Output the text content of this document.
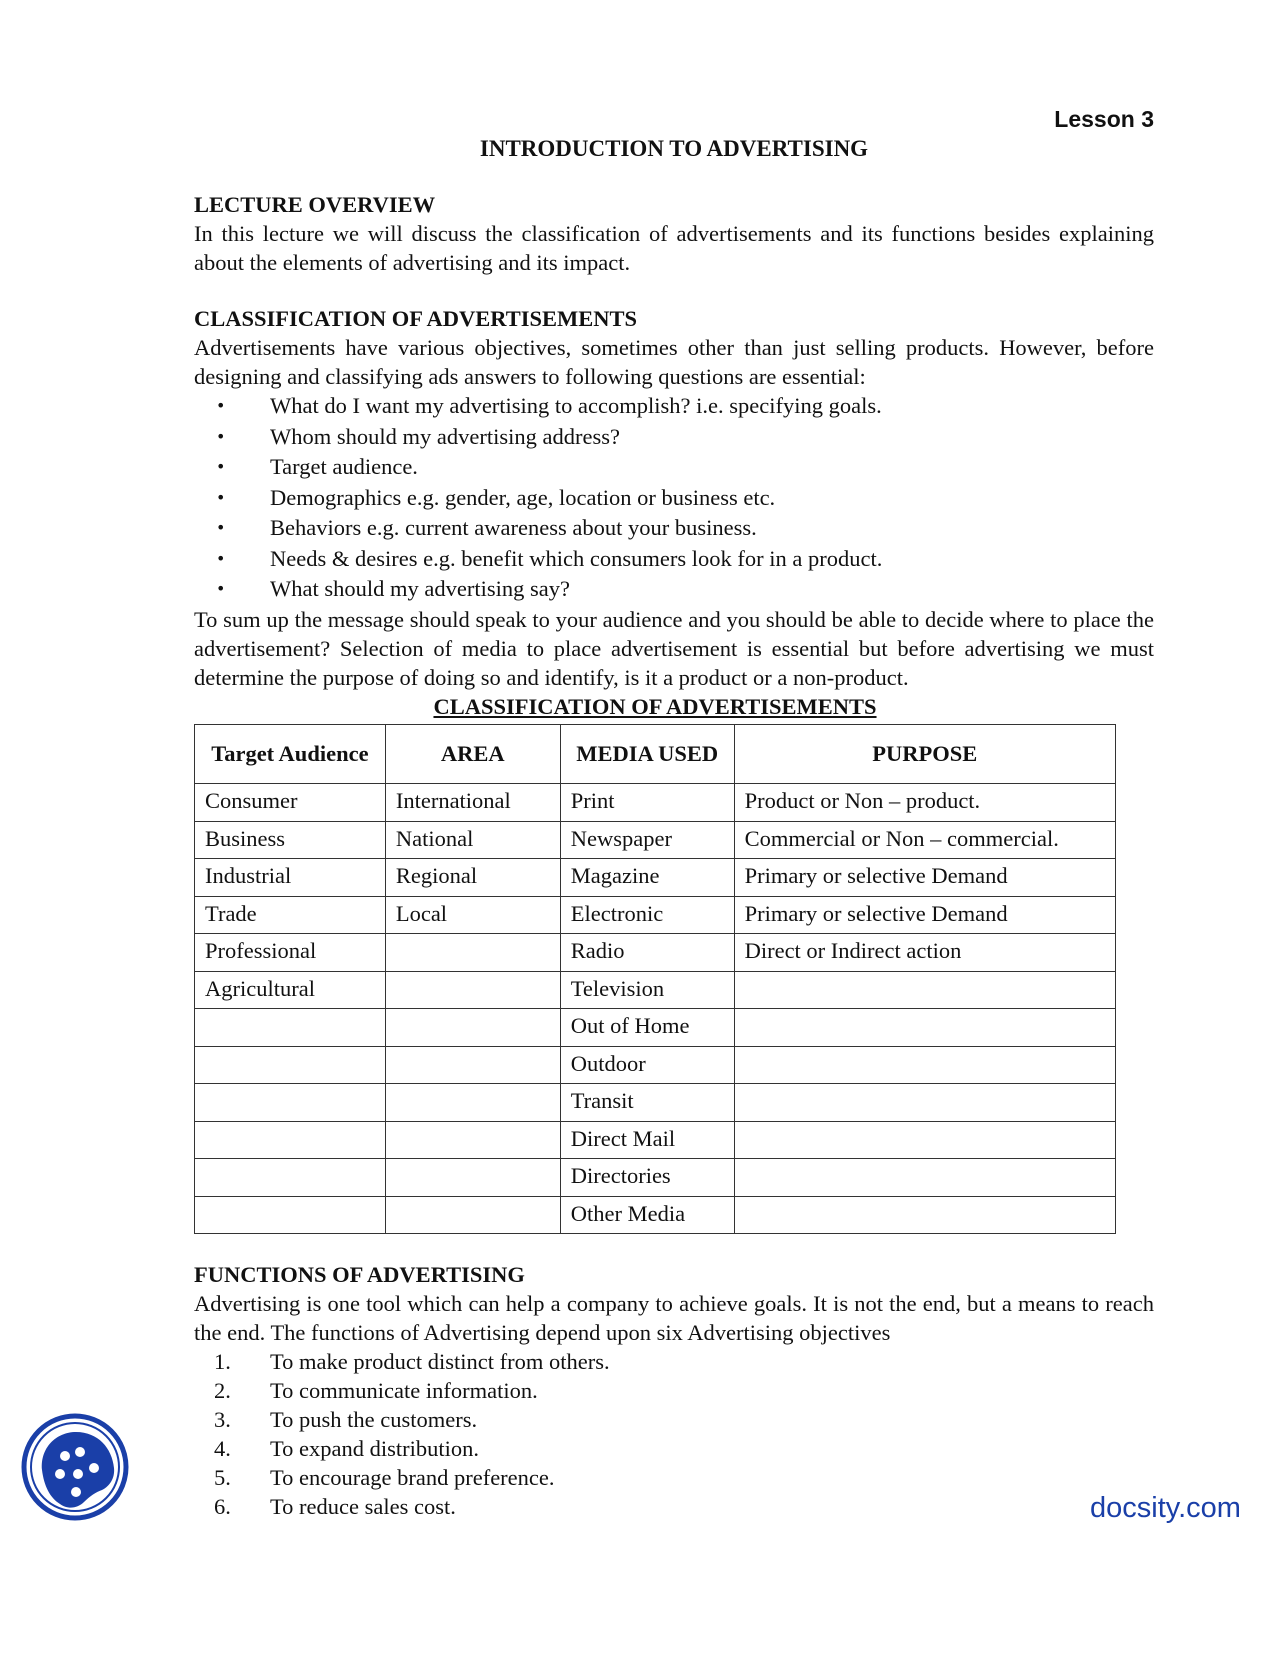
Lesson 3
INTRODUCTION TO ADVERTISING
LECTURE OVERVIEW

In this lecture we will discuss the classification of advertisements and its functions besides explaining about the elements of advertising and its impact.

CLASSIFICATION OF ADVERTISEMENTS

Advertisements have various objectives, sometimes other than just selling products. However, before designing and classifying ads answers to following questions are essential:

• What do I want my advertising to accomplish? i.e. specifying goals.
• Whom should my advertising address?
• Target audience.
• Demographics e.g. gender, age, location or business etc.
• Behaviors e.g. current awareness about your business.
• Needs & desires e.g. benefit which consumers look for in a product.
• What should my advertising say?

To sum up the message should speak to your audience and you should be able to decide where to place the advertisement? Selection of media to place advertisement is essential but before advertising we must determine the purpose of doing so and identify, is it a product or a non-product.

CLASSIFICATION OF ADVERTISEMENTS
Target Audience	AREA	MEDIA USED	PURPOSE
Consumer	International	Print	Product or Non – product.
Business	National	Newspaper	Commercial or Non – commercial.
Industrial	Regional	Magazine	Primary or selective Demand
Trade	Local	Electronic	Primary or selective Demand
Professional		Radio	Direct or Indirect action
Agricultural		Television	
		Out of Home	
		Outdoor	
		Transit	
		Direct Mail	
		Directories	
		Other Media	
FUNCTIONS OF ADVERTISING

Advertising is one tool which can help a company to achieve goals. It is not the end, but a means to reach the end. The functions of Advertising depend upon six Advertising objectives

1. To make product distinct from others.
2. To communicate information.
3. To push the customers.
4. To expand distribution.
5. To encourage brand preference.
6. To reduce sales cost.	docsity.com
